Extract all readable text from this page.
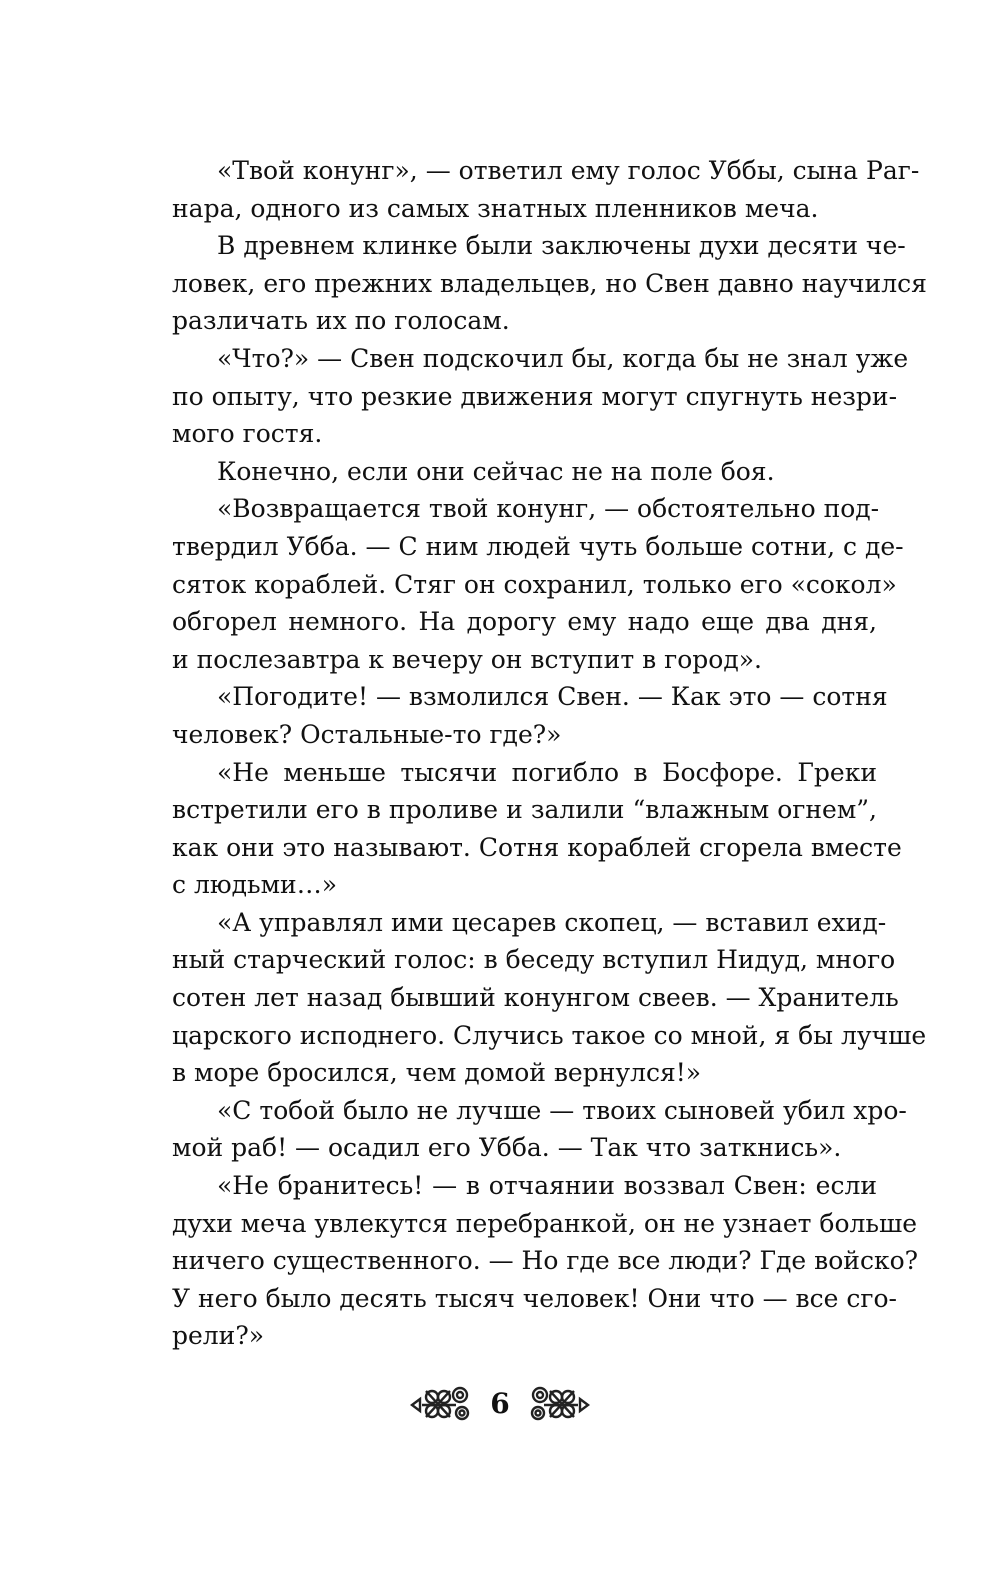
«Твой конунг», — ответил ему голос Уббы, сына Раг-
нара, одного из самых знатных пленников меча.
В древнем клинке были заключены духи десяти че-
ловек, его прежних владельцев, но Свен давно научился
различать их по голосам.
«Что?» — Свен подскочил бы, когда бы не знал уже
по опыту, что резкие движения могут спугнуть незри-
мого гостя.
Конечно, если они сейчас не на поле боя.
«Возвращается твой конунг, — обстоятельно под-
твердил Убба. — С ним людей чуть больше сотни, с де-
сяток кораблей. Стяг он сохранил, только его «сокол»
обгорел немного. На дорогу ему надо еще два дня,
и послезавтра к вечеру он вступит в город».
«Погодите! — взмолился Свен. — Как это — сотня
человек? Остальные-то где?»
«Не меньше тысячи погибло в Босфоре. Греки
встретили его в проливе и залили “влажным огнем”,
как они это называют. Сотня кораблей сгорела вместе
с людьми…»
«А управлял ими цесарев скопец, — вставил ехид-
ный старческий голос: в беседу вступил Нидуд, много
сотен лет назад бывший конунгом свеев. — Хранитель
царского исподнего. Случись такое со мной, я бы лучше
в море бросился, чем домой вернулся!»
«С тобой было не лучше — твоих сыновей убил хро-
мой раб! — осадил его Убба. — Так что заткнись».
«Не бранитесь! — в отчаянии воззвал Свен: если
духи меча увлекутся перебранкой, он не узнает больше
ничего существенного. — Но где все люди? Где войско?
У него было десять тысяч человек! Они что — все сго-
рели?»
6
